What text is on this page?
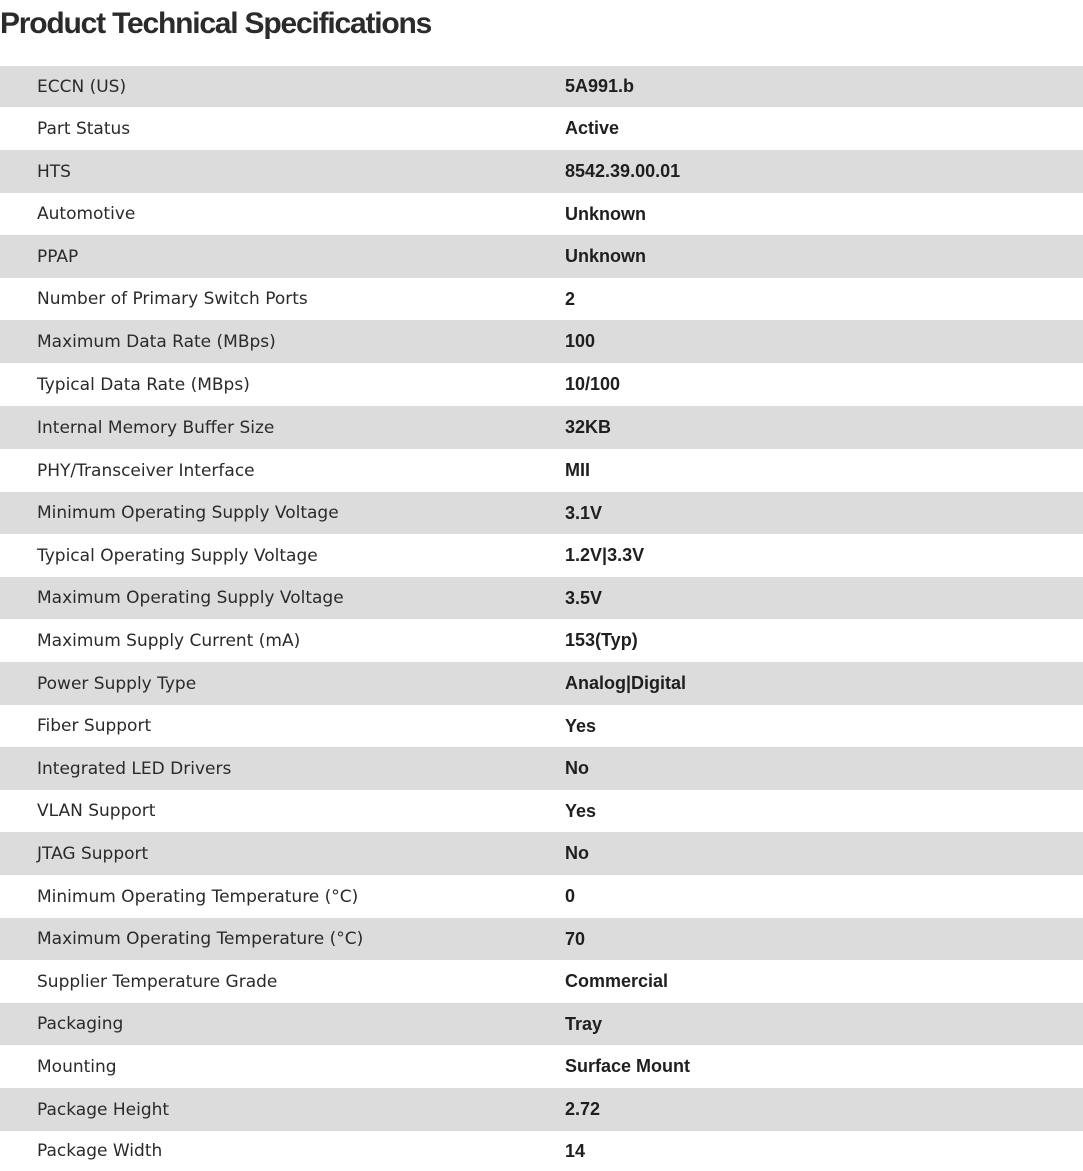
Product Technical Specifications
ECCN (US)	5A991.b
Part Status	Active
HTS	8542.39.00.01
Automotive	Unknown
PPAP	Unknown
Number of Primary Switch Ports	2
Maximum Data Rate (MBps)	100
Typical Data Rate (MBps)	10/100
Internal Memory Buffer Size	32KB
PHY/Transceiver Interface	MII
Minimum Operating Supply Voltage	3.1V
Typical Operating Supply Voltage	1.2V|3.3V
Maximum Operating Supply Voltage	3.5V
Maximum Supply Current (mA)	153(Typ)
Power Supply Type	Analog|Digital
Fiber Support	Yes
Integrated LED Drivers	No
VLAN Support	Yes
JTAG Support	No
Minimum Operating Temperature (°C)	0
Maximum Operating Temperature (°C)	70
Supplier Temperature Grade	Commercial
Packaging	Tray
Mounting	Surface Mount
Package Height	2.72
Package Width	14
